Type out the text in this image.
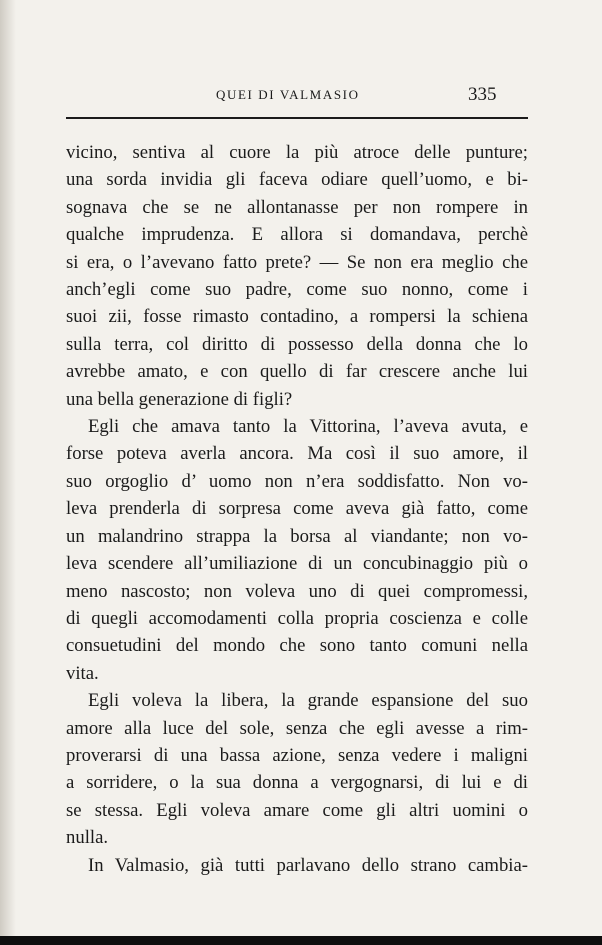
QUEI DI VALMASIO	335

vicino, sentiva al cuore la più atroce delle punture;
una sorda invidia gli faceva odiare quell’uomo, e bi-
sognava che se ne allontanasse per non rompere in
qualche imprudenza. E allora si domandava, perchè
si era, o l’avevano fatto prete? — Se non era meglio che
anch’egli come suo padre, come suo nonno, come i
suoi zii, fosse rimasto contadino, a rompersi la schiena
sulla terra, col diritto di possesso della donna che lo
avrebbe amato, e con quello di far crescere anche lui
una bella generazione di figli?

Egli che amava tanto la Vittorina, l’aveva avuta, e
forse poteva averla ancora. Ma così il suo amore, il
suo orgoglio d’ uomo non n’era soddisfatto. Non vo-
leva prenderla di sorpresa come aveva già fatto, come
un malandrino strappa la borsa al viandante; non vo-
leva scendere all’umiliazione di un concubinaggio più o
meno nascosto; non voleva uno di quei compromessi,
di quegli accomodamenti colla propria coscienza e colle
consuetudini del mondo che sono tanto comuni nella
vita.

Egli voleva la libera, la grande espansione del suo
amore alla luce del sole, senza che egli avesse a rim-
proverarsi di una bassa azione, senza vedere i maligni
a sorridere, o la sua donna a vergognarsi, di lui e di
se stessa. Egli voleva amare come gli altri uomini o
nulla.

In Valmasio, già tutti parlavano dello strano cambia-
